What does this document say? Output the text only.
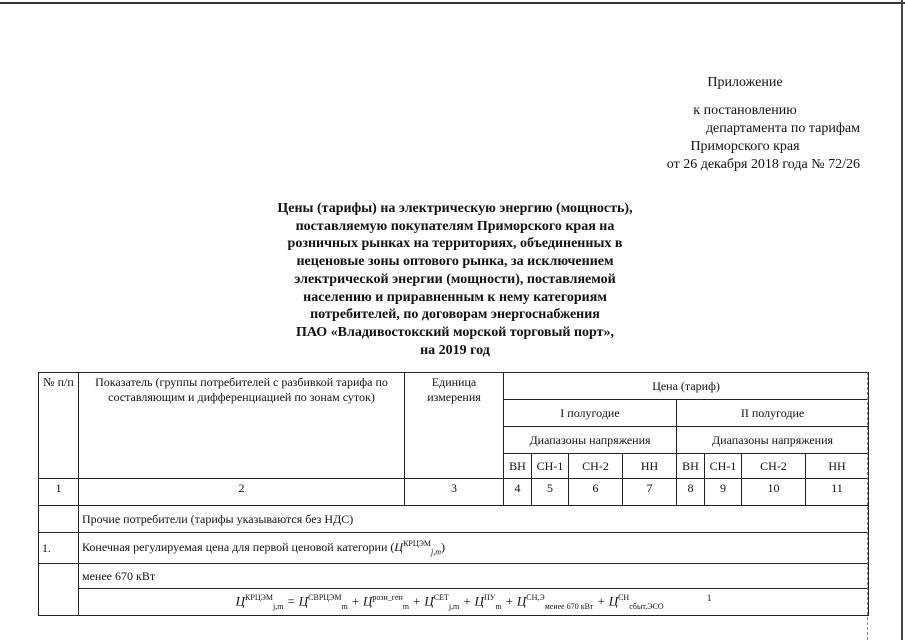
Приложение
к постановлению
департамента по тарифам
Приморского края
от 26 декабря 2018 года № 72/26
Цены (тарифы) на электрическую энергию (мощность),
поставляемую покупателям Приморского края на
розничных рынках на территориях, объединенных в
неценовые зоны оптового рынка, за исключением
электрической энергии (мощности), поставляемой
населению и приравненным к нему категориям
потребителей, по договорам энергоснабжения
ПАО «Владивостокский морской торговый порт»,
на 2019 год
№ п/п	Показатель (группы потребителей с разбивкой тарифа по составляющим и дифференциацией по зонам суток)	Единица измерения	Цена (тариф)							
			I полугодие				II полугодие			
			Диапазоны напряжения				Диапазоны напряжения			
			ВН	СН-1	СН-2	НН	ВН	СН-1	СН-2	НН
1	2	3	4	5	6	7	8	9	10	11
	Прочие потребители (тарифы указываются без НДС)									
1.	Конечная регулируемая цена для первой ценовой категории $(Ц^{КРЦЭМ}_{j,m})$									
	менее 670 кВт									
	$Ц^{КРЦЭМ}_{j,m} = Ц^{СВРЦЭМ}_m + Ц^{розн\_ген}_m + Ц^{СЕТ}_{j,m} + Ц^{ПУ}_m + Ц^{СН,Э}_{менее 670 кВт} + Ц^{СН}_{сбыт,ЭСО}$ $^1$
